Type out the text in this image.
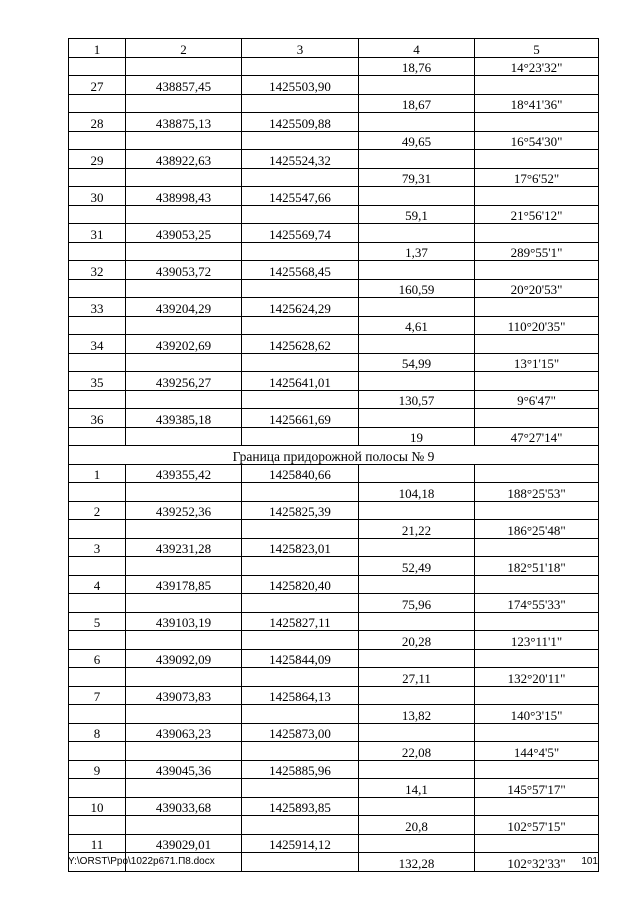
1	2	3	4	5
			18,76	14°23'32"
27	438857,45	1425503,90		
			18,67	18°41'36"
28	438875,13	1425509,88		
			49,65	16°54'30"
29	438922,63	1425524,32		
			79,31	17°6'52"
30	438998,43	1425547,66		
			59,1	21°56'12"
31	439053,25	1425569,74		
			1,37	289°55'1"
32	439053,72	1425568,45		
			160,59	20°20'53"
33	439204,29	1425624,29		
			4,61	110°20'35"
34	439202,69	1425628,62		
			54,99	13°1'15"
35	439256,27	1425641,01		
			130,57	9°6'47"
36	439385,18	1425661,69		
			19	47°27'14"
Граница придорожной полосы № 9				
1	439355,42	1425840,66		
			104,18	188°25'53"
2	439252,36	1425825,39		
			21,22	186°25'48"
3	439231,28	1425823,01		
			52,49	182°51'18"
4	439178,85	1425820,40		
			75,96	174°55'33"
5	439103,19	1425827,11		
			20,28	123°11'1"
6	439092,09	1425844,09		
			27,11	132°20'11"
7	439073,83	1425864,13		
			13,82	140°3'15"
8	439063,23	1425873,00		
			22,08	144°4'5"
9	439045,36	1425885,96		
			14,1	145°57'17"
10	439033,68	1425893,85		
			20,8	102°57'15"
11	439029,01	1425914,12		
			132,28	102°32'33"
Y:\ORST\Ppo\1022p671.П8.docx	101
